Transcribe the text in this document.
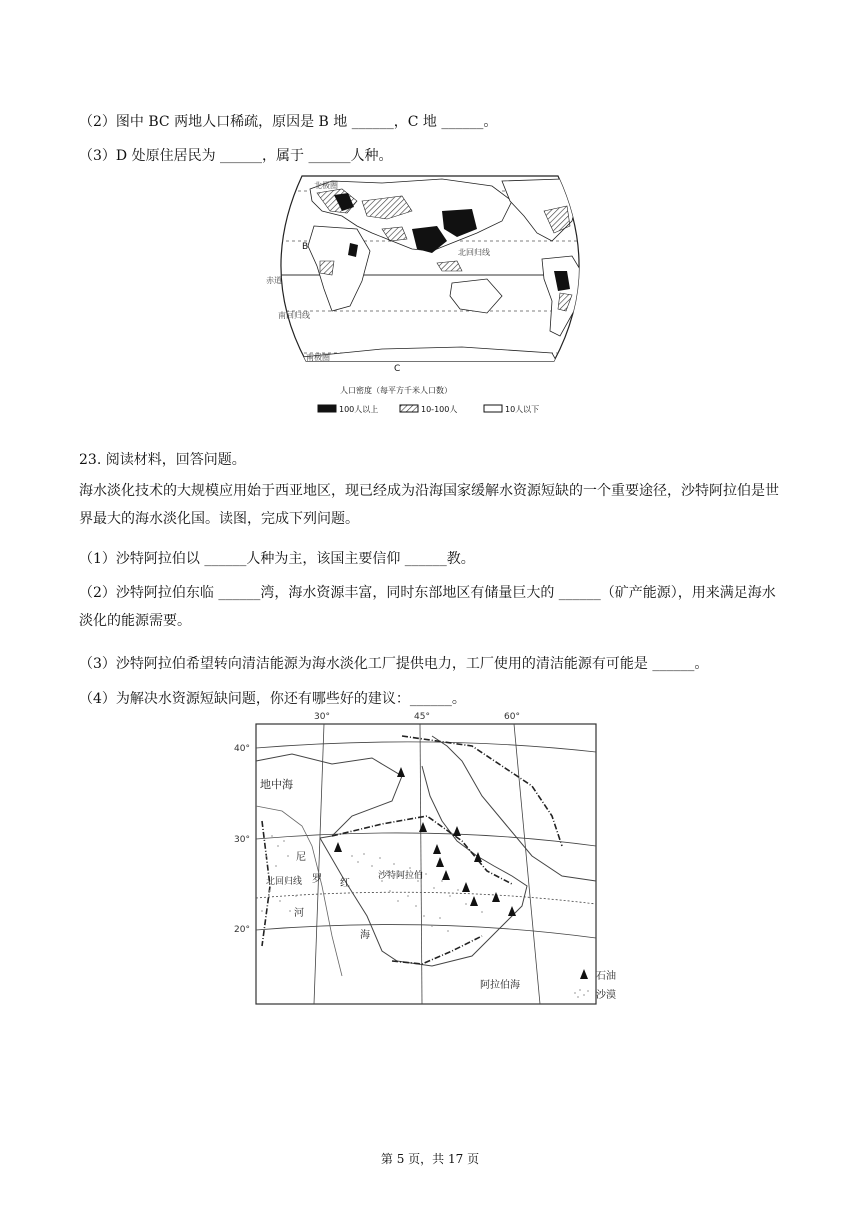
（2）图中 BC 两地人口稀疏，原因是 B 地 ______，C 地 ______。
（3）D 处原住居民为 ______，属于 ______人种。
北极圈
北回归线
赤道
南回归线
南极圈
B
C
人口密度（每平方千米人口数）
100人以上	10-100人	10人以下
23. 阅读材料，回答问题。
海水淡化技术的大规模应用始于西亚地区，现已经成为沿海国家缓解水资源短缺的一个重要途径，沙特阿拉伯是世界最大的海水淡化国。读图，完成下列问题。
（1）沙特阿拉伯以 ______人种为主，该国主要信仰 ______教。
（2）沙特阿拉伯东临 ______湾，海水资源丰富，同时东部地区有储量巨大的 ______（矿产能源），用来满足海水淡化的能源需要。
（3）沙特阿拉伯希望转向清洁能源为海水淡化工厂提供电力，工厂使用的清洁能源有可能是 ______。
（4）为解决水资源短缺问题，你还有哪些好的建议：______。
30°	45°	60°
40°
30°
20°
地中海
尼
罗
河
北回归线	红
海
沙特阿拉伯
阿拉伯海
石油
沙漠
第 5 页，共 17 页
